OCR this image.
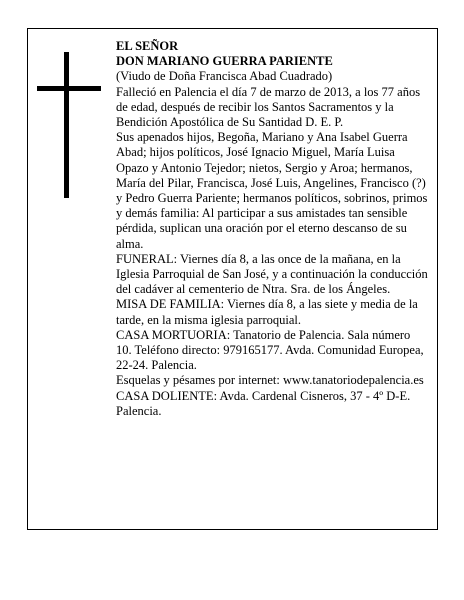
EL SEÑOR

DON MARIANO GUERRA PARIENTE

(Viudo de Doña Francisca Abad Cuadrado)

Falleció en Palencia el día 7 de marzo de 2013, a los 77 años de edad, después de recibir los Santos Sacramentos y la Bendición Apostólica de Su Santidad D. E. P.

Sus apenados hijos, Begoña, Mariano y Ana Isabel Guerra Abad; hijos políticos, José Ignacio Miguel, María Luisa Opazo y Antonio Tejedor; nietos, Sergio y Aroa; hermanos, María del Pilar, Francisca, José Luis, Angelines, Francisco (?) y Pedro Guerra Pariente; hermanos políticos, sobrinos, primos y demás familia: Al participar a sus amistades tan sensible pérdida, suplican una oración por el eterno descanso de su alma.

FUNERAL: Viernes día 8, a las once de la mañana, en la Iglesia Parroquial de San José, y a continuación la conducción del cadáver al cementerio de Ntra. Sra. de los Ángeles.

MISA DE FAMILIA: Viernes día 8, a las siete y media de la tarde, en la misma iglesia parroquial.

CASA MORTUORIA: Tanatorio de Palencia. Sala número 10. Teléfono directo: 979165177. Avda. Comunidad Europea, 22-24. Palencia.

Esquelas y pésames por internet: www.tanatoriodepalencia.es

CASA DOLIENTE: Avda. Cardenal Cisneros, 37 - 4º D-E. Palencia.
